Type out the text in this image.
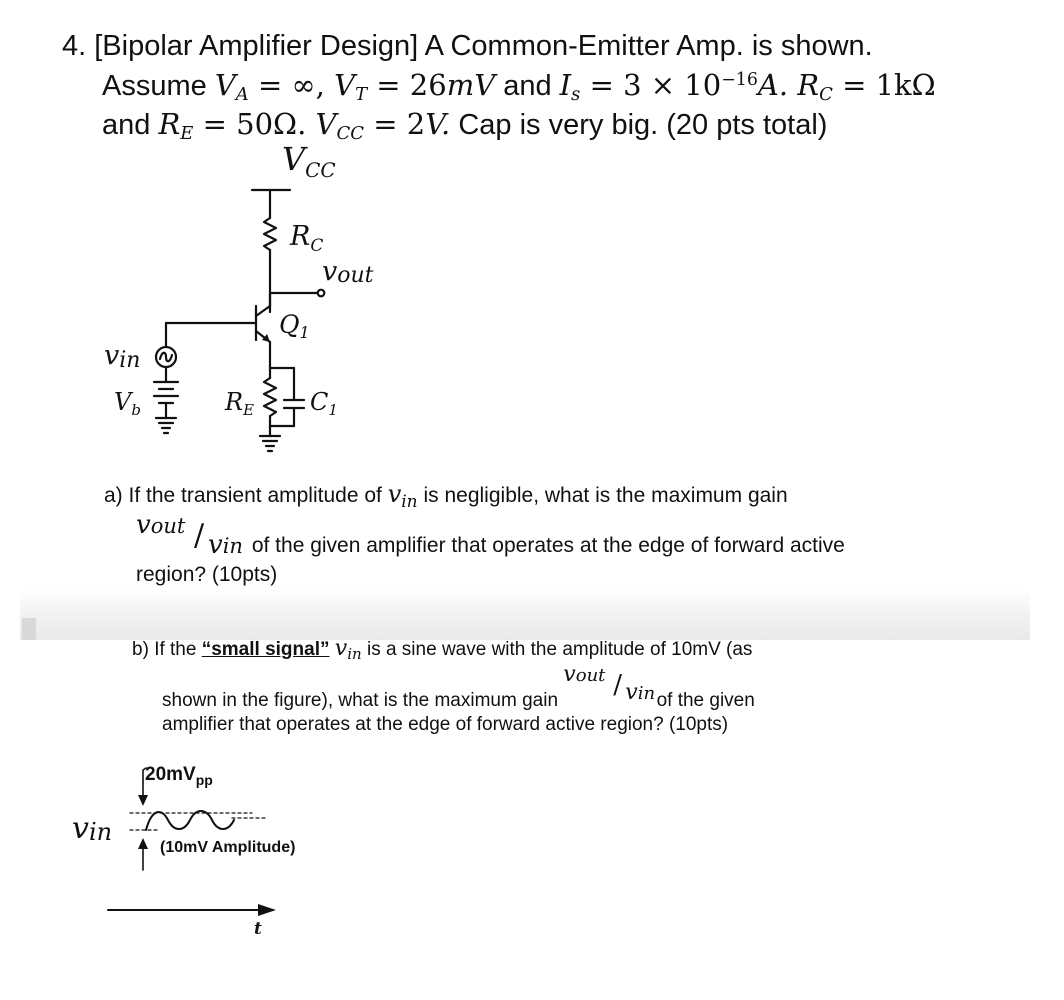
4. [Bipolar Amplifier Design] A Common-Emitter Amp. is shown.
Assume VA = ∞, VT = 26mV and $Is = 3 \times 10^{-16}A$. RC = 1kΩ
and RE = 50Ω. VCC = 2V. Cap is very big. (20 pts total)
$V_{CC}$
$R_C$
vout
$Q_1$
vin
$V_b$	$R_E$ $C_1$
a) If the transient amplitude of $v_{in}$ is negligible, what is the maximum gain
vout / vin of the given amplifier that operates at the edge of forward active
region? (10pts)
b) If the “small signal” $v_{in}$ is a sine wave with the amplitude of 10mV (as
shown in the figure), what is the maximum gain
vout / vin
of the given
amplifier that operates at the edge of forward active region? (10pts)
$20mV_{pp}$
vin
(10mV Amplitude)
t
